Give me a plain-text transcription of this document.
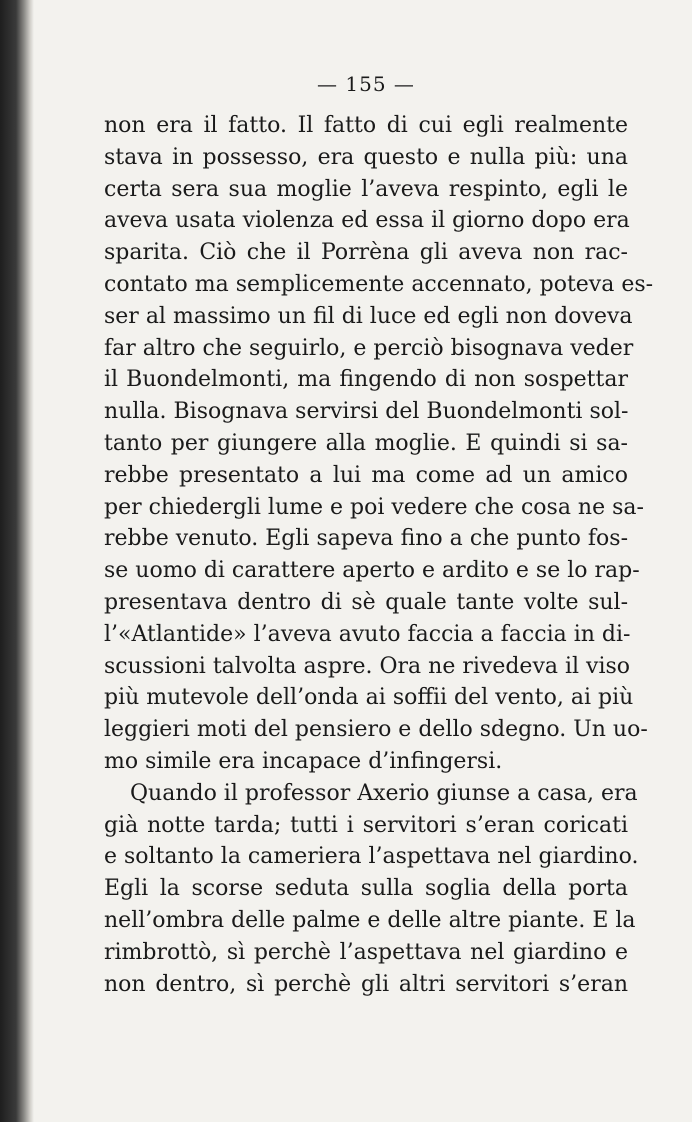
— 155 —
non era il fatto. Il fatto di cui egli realmente
stava in possesso, era questo e nulla più: una
certa sera sua moglie l’aveva respinto, egli le
aveva usata violenza ed essa il giorno dopo era
sparita. Ciò che il Porrèna gli aveva non rac-
contato ma semplicemente accennato, poteva es-
ser al massimo un fil di luce ed egli non doveva
far altro che seguirlo, e perciò bisognava veder
il Buondelmonti, ma fingendo di non sospettar
nulla. Bisognava servirsi del Buondelmonti sol-
tanto per giungere alla moglie. E quindi si sa-
rebbe presentato a lui ma come ad un amico
per chiedergli lume e poi vedere che cosa ne sa-
rebbe venuto. Egli sapeva fino a che punto fos-
se uomo di carattere aperto e ardito e se lo rap-
presentava dentro di sè quale tante volte sul-
l’«Atlantide» l’aveva avuto faccia a faccia in di-
scussioni talvolta aspre. Ora ne rivedeva il viso
più mutevole dell’onda ai soffii del vento, ai più
leggieri moti del pensiero e dello sdegno. Un uo-
mo simile era incapace d’infingersi.
Quando il professor Axerio giunse a casa, era
già notte tarda; tutti i servitori s’eran coricati
e soltanto la cameriera l’aspettava nel giardino.
Egli la scorse seduta sulla soglia della porta
nell’ombra delle palme e delle altre piante. E la
rimbrottò, sì perchè l’aspettava nel giardino e
non dentro, sì perchè gli altri servitori s’eran
